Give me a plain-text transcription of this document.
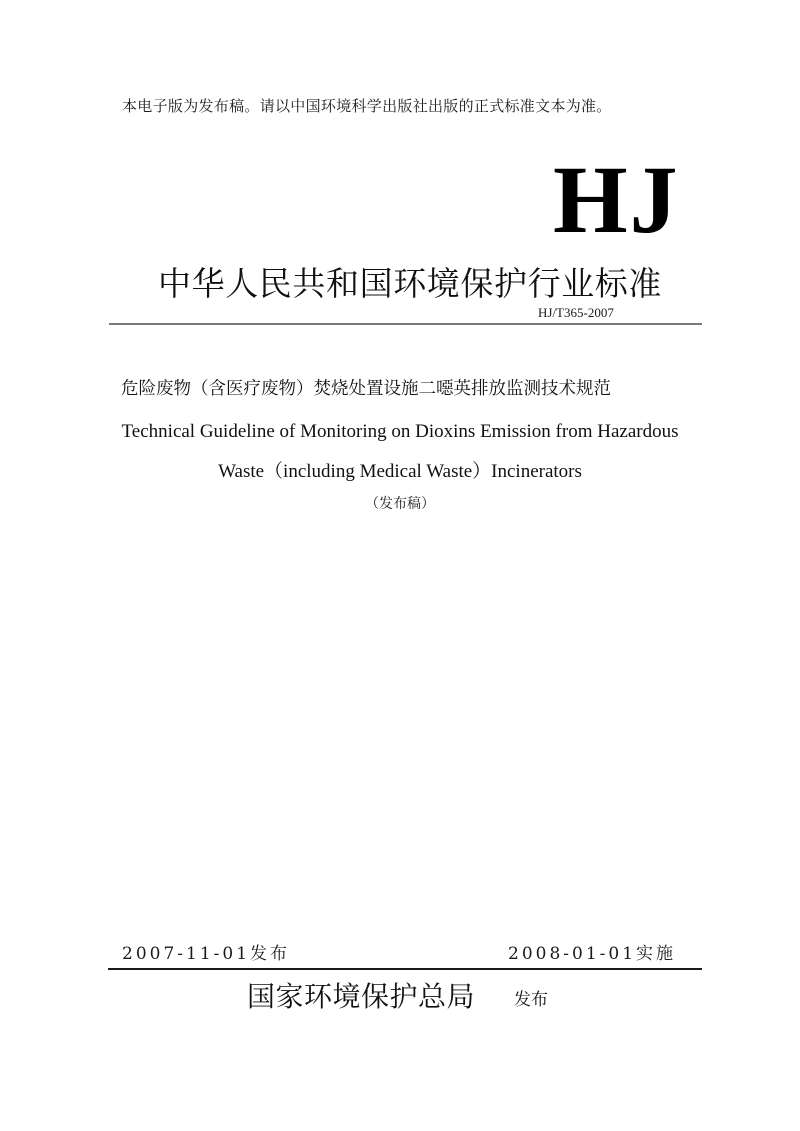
本电子版为发布稿。请以中国环境科学出版社出版的正式标准文本为准。
HJ
中华人民共和国环境保护行业标准
HJ/T365-2007
危险废物（含医疗废物）焚烧处置设施二噁英排放监测技术规范
Technical Guideline of Monitoring on Dioxins Emission from Hazardous
Waste（including Medical Waste）Incinerators
（发布稿）
2007-11-01发布	2008-01-01实施
国家环境保护总局 发布
